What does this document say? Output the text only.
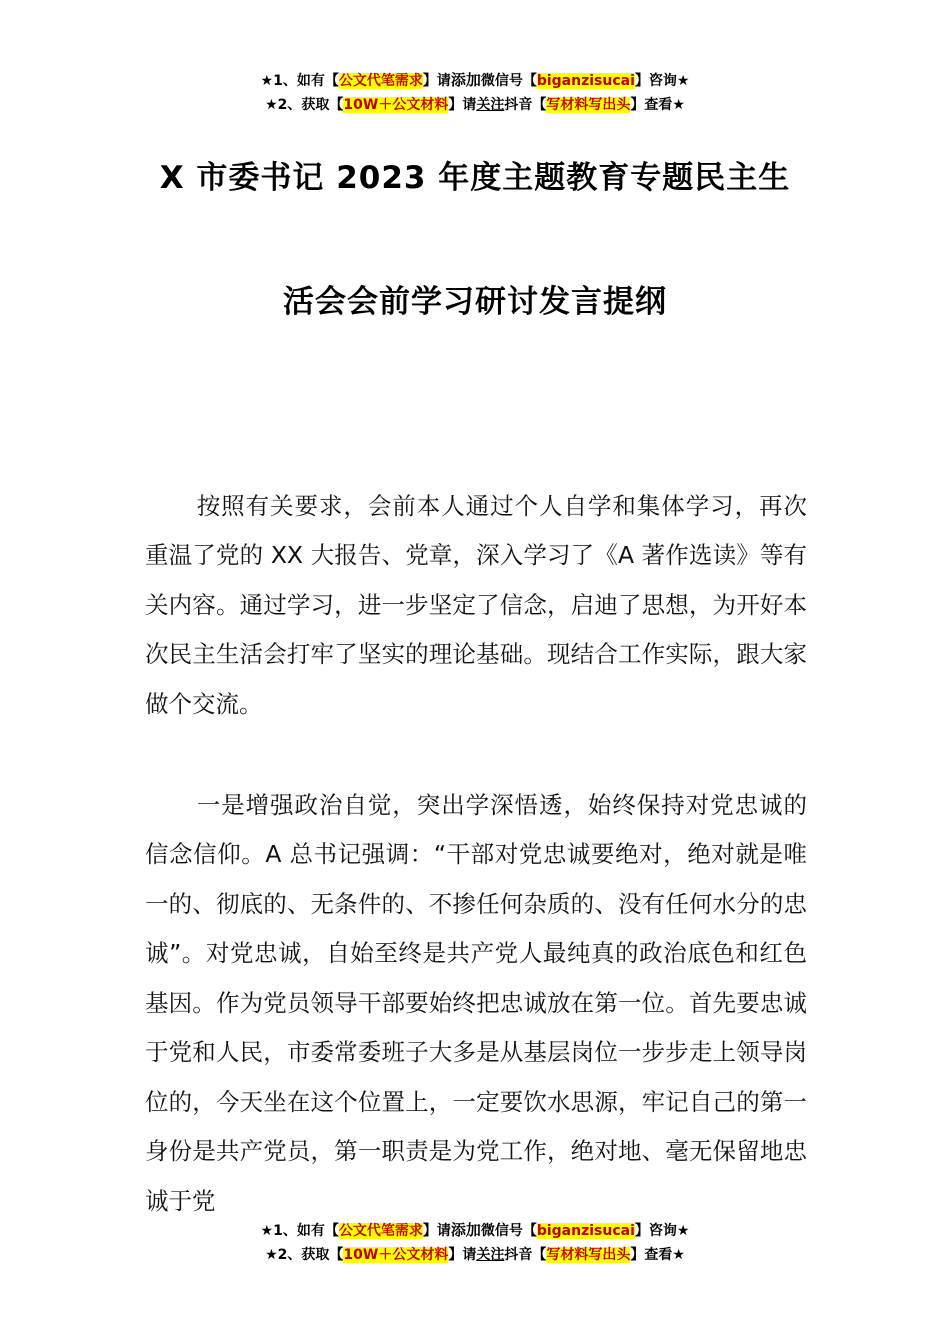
★1、如有【公文代笔需求】请添加微信号【biganzisucai】咨询★
★2、获取【10W＋公文材料】请关注抖音【写材料写出头】查看★
X 市委书记 2023 年度主题教育专题民主生
活会会前学习研讨发言提纲

按照有关要求，会前本人通过个人自学和集体学习，再次重温了党的 XX 大报告、党章，深入学习了《A 著作选读》等有关内容。通过学习，进一步坚定了信念，启迪了思想，为开好本次民主生活会打牢了坚实的理论基础。现结合工作实际，跟大家做个交流。

一是增强政治自觉，突出学深悟透，始终保持对党忠诚的信念信仰。A 总书记强调：“干部对党忠诚要绝对，绝对就是唯一的、彻底的、无条件的、不掺任何杂质的、没有任何水分的忠诚”。对党忠诚，自始至终是共产党人最纯真的政治底色和红色基因。作为党员领导干部要始终把忠诚放在第一位。首先要忠诚于党和人民，市委常委班子大多是从基层岗位一步步走上领导岗位的，今天坐在这个位置上，一定要饮水思源，牢记自己的第一身份是共产党员，第一职责是为党工作，绝对地、毫无保留地忠诚于党

★1、如有【公文代笔需求】请添加微信号【biganzisucai】咨询★
★2、获取【10W＋公文材料】请关注抖音【写材料写出头】查看★
